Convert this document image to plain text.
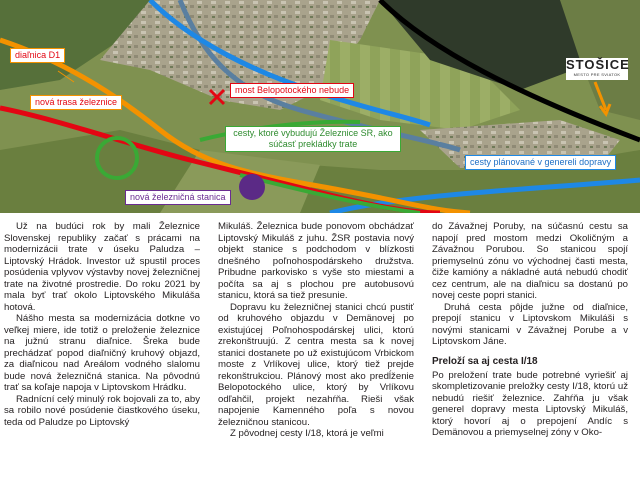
diaľnica D1
nová trasa železnice
most Belopotockého nebude
cesty, ktoré vybudujú Železnice SR, ako súčasť prekládky trate
cesty plánované v genereli dopravy
nová železničná stanica
STOŠICE
MESTO PRE SVIATOK

Už na budúci rok by mali Železnice Slovenskej republiky začať s prácami na modernizácii trate v úseku Paludza – Liptovský Hrádok. Investor už spustil proces posúdenia vplyvov výstavby novej železničnej trate na životné prostredie. Do roku 2021 by mala byť trať okolo Liptovského Mikuláša hotová.

Nášho mesta sa modernizácia dotkne vo veľkej miere, ide totiž o preloženie železnice na južnú stranu diaľnice. Šreka bude prechádzať popod diaľničný kruhový objazd, za diaľnicou nad Areálom vodného slalomu bude nová železničná stanica. Na pôvodnú trať sa koľaje napoja v Liptovskom Hrádku.

Radnícní celý minulý rok bojovali za to, aby sa robilo nové posúdenie čiastkového úseku, teda od Paludze po Liptovský

Mikuláš. Železnica bude ponovom obchádzať Liptovský Mikuláš z juhu. ŽSR postavia nový objekt stanice s podchodom v blízkosti dnešného poľnohospodárskeho družstva. Pribudne parkovisko s vyše sto miestami a počíta sa aj s plochou pre autobusovú stanicu, ktorá sa tiež presunie.

Dopravu ku železničnej stanici chcú pustiť od kruhového objazdu v Demänovej po existujúcej Poľnohospodárskej ulici, ktorú zrekonštruujú. Z centra mesta sa k novej stanici dostanete po už existujúcom Vrbickom moste z Vrlíkovej ulice, ktorý tiež prejde rekonštrukciou. Plánový most ako predĺženie Belopotockého ulice, ktorý by Vrlíkovu odľahčil, projekt nezahŕňa. Rieši však napojenie Kamenného poľa s novou železničnou stanicou.

Z pôvodnej cesty I/18, ktorá je veľmi

do Závažnej Poruby, na súčasnú cestu sa napojí pred mostom medzi Okoličným a Závažnou Porubou. So stanicou spojí priemyselnú zónu vo východnej časti mesta, čiže kamióny a nákladné autá nebudú chodiť cez centrum, ale na diaľnicu sa dostanú po novej ceste popri stanici.

Druhá cesta pôjde južne od diaľnice, prepojí stanicu v Liptovskom Mikuláši s novými stanicami v Závažnej Porube a v Liptovskom Jáne.

Preloží sa aj cesta I/18

Po preložení trate bude potrebné vyriešiť aj skompletizovanie preložky cesty I/18, ktorú už nebudú riešiť železnice. Zahŕňa ju však generel dopravy mesta Liptovský Mikuláš, ktorý hovorí aj o prepojení Andíc s Demänovou a priemyselnej zóny v Oko-
